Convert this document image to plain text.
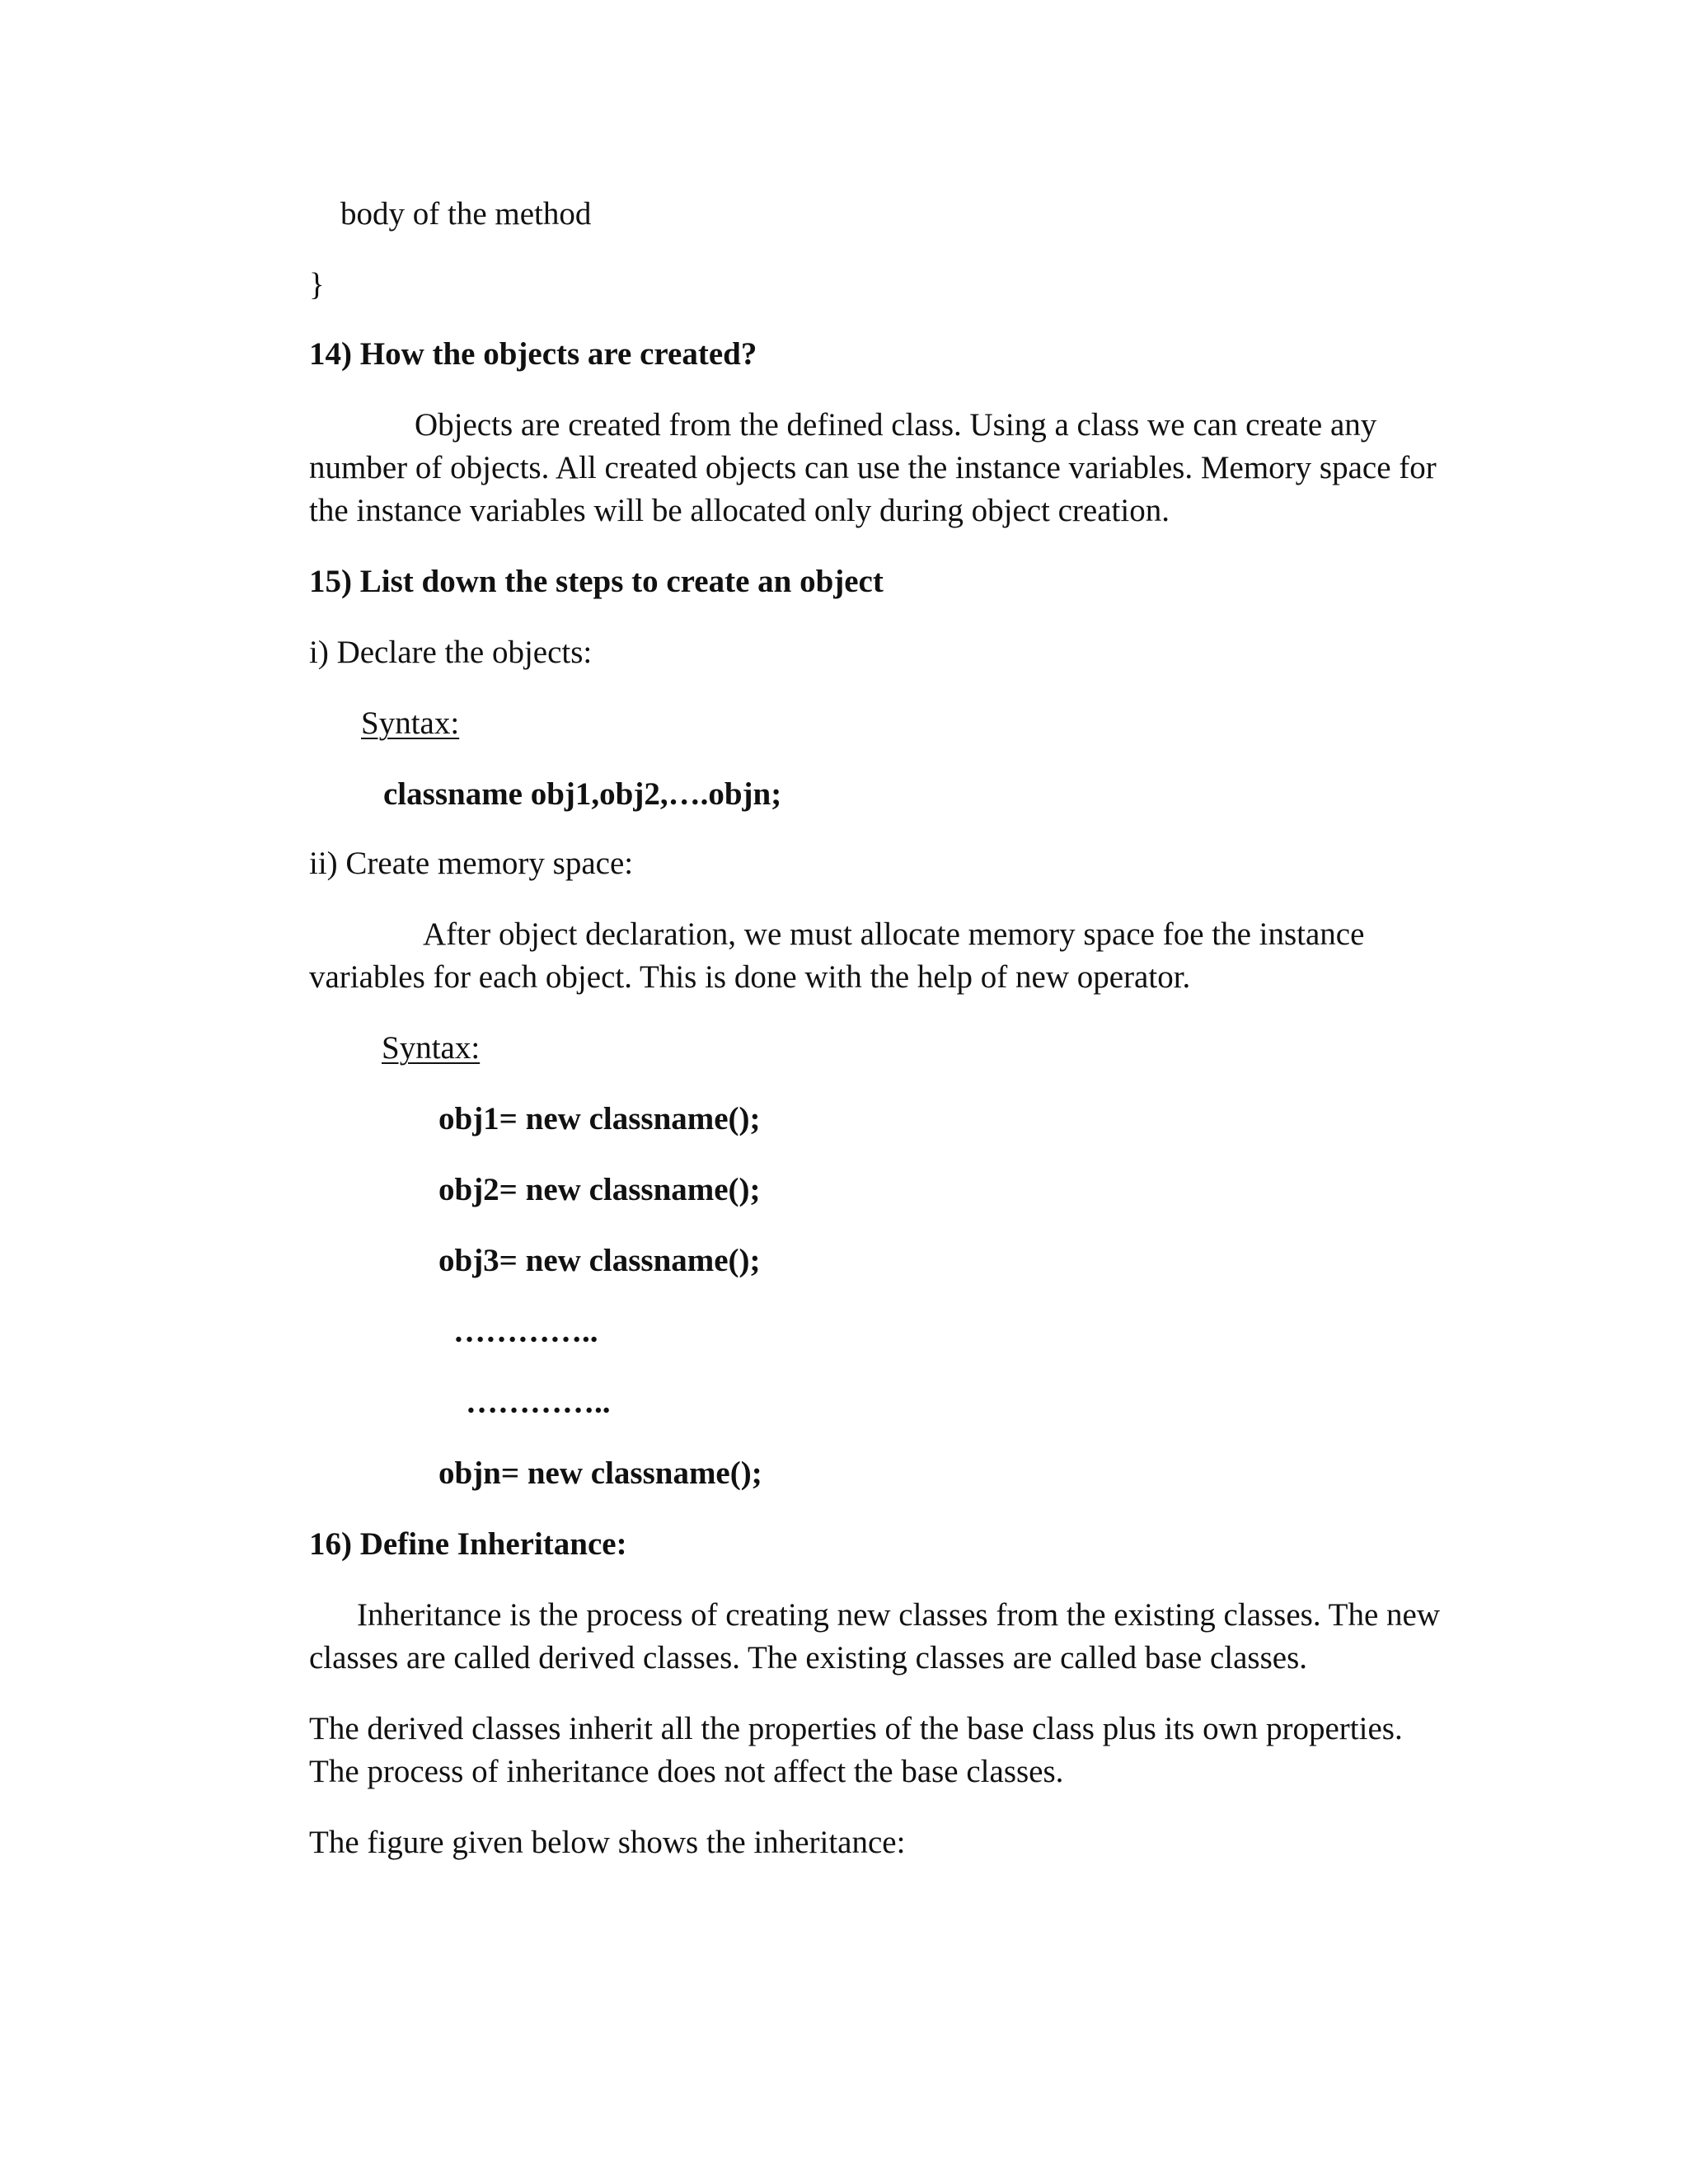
body of the method

}

14) How the objects are created?

Objects are created from the defined class. Using a class we can create any

number of objects. All created objects can use the instance variables. Memory space for

the instance variables will be allocated only during object creation.

15) List down the steps to create an object

i) Declare the objects:

Syntax:

classname obj1,obj2,….objn;

ii) Create memory space:

After object declaration, we must allocate memory space foe the instance

variables for each object. This is done with the help of new operator.

Syntax:

obj1= new classname();

obj2= new classname();

obj3= new classname();

…………..

…………..

objn= new classname();

16) Define Inheritance:

Inheritance is the process of creating new classes from the existing classes. The new

classes are called derived classes. The existing classes are called base classes.

The derived classes inherit all the properties of the base class plus its own properties.

The process of inheritance does not affect the base classes.

The figure given below shows the inheritance:
